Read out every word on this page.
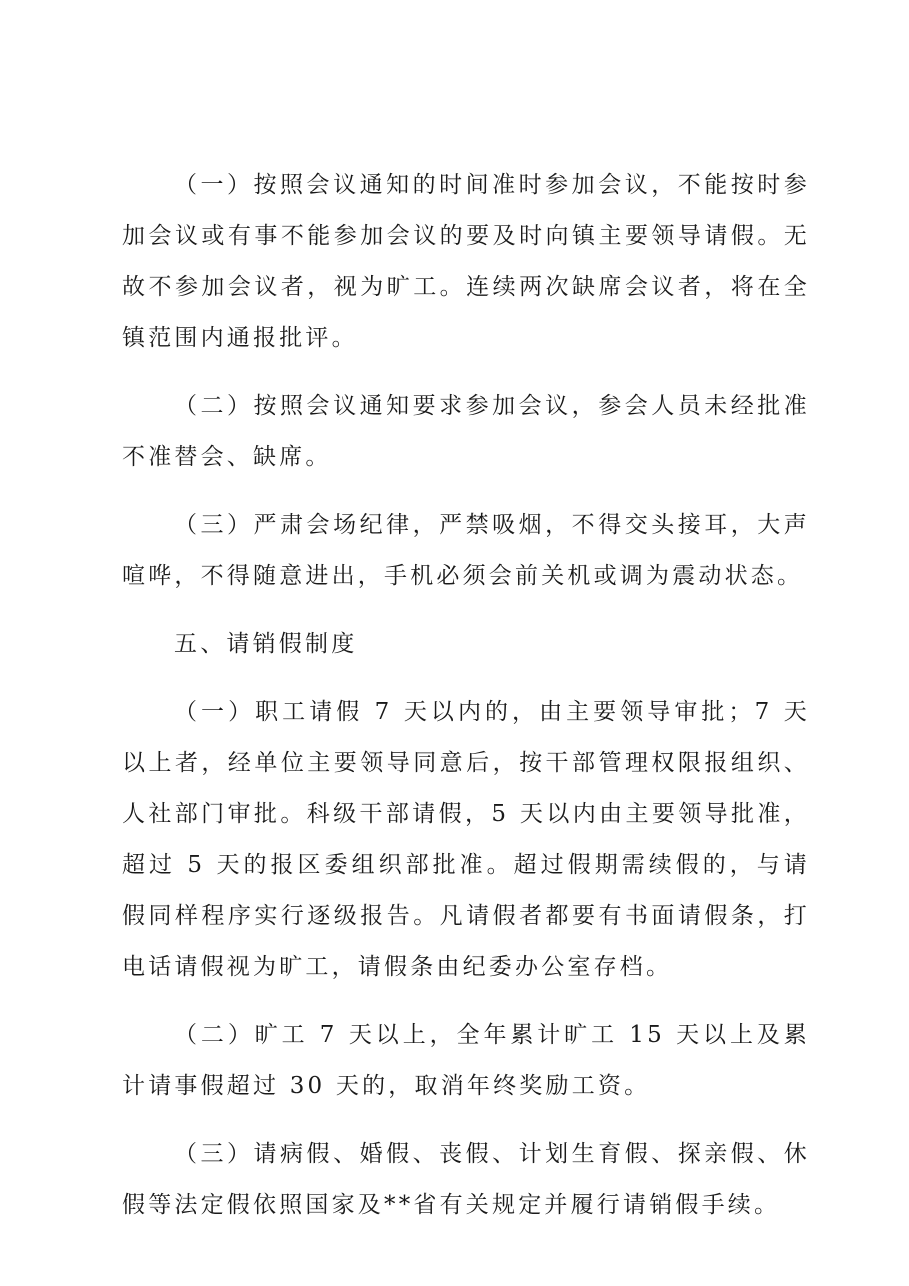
（一）按照会议通知的时间准时参加会议，不能按时参加会议或有事不能参加会议的要及时向镇主要领导请假。无故不参加会议者，视为旷工。连续两次缺席会议者，将在全镇范围内通报批评。

（二）按照会议通知要求参加会议，参会人员未经批准不准替会、缺席。

（三）严肃会场纪律，严禁吸烟，不得交头接耳，大声喧哗，不得随意进出，手机必须会前关机或调为震动状态。

五、请销假制度

（一）职工请假 7 天以内的，由主要领导审批；7 天以上者，经单位主要领导同意后，按干部管理权限报组织、人社部门审批。科级干部请假，5 天以内由主要领导批准，超过 5 天的报区委组织部批准。超过假期需续假的，与请假同样程序实行逐级报告。凡请假者都要有书面请假条，打电话请假视为旷工，请假条由纪委办公室存档。

（二）旷工 7 天以上，全年累计旷工 15 天以上及累计请事假超过 30 天的，取消年终奖励工资。

（三）请病假、婚假、丧假、计划生育假、探亲假、休假等法定假依照国家及**省有关规定并履行请销假手续。
